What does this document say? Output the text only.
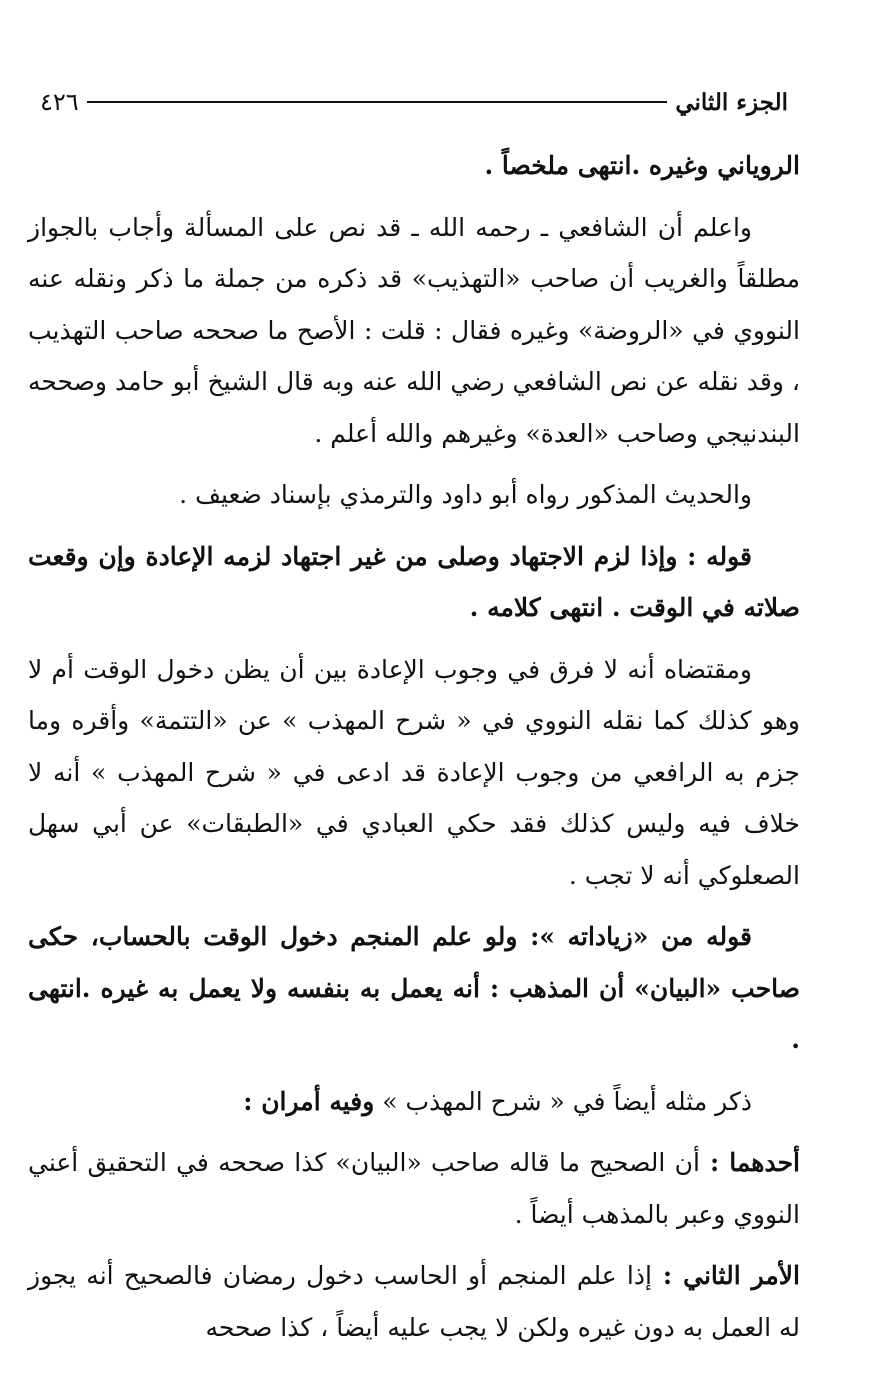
الجزء الثاني
٤٢٦

الروياني وغيره .انتهى ملخصاً .

واعلم أن الشافعي ـ رحمه الله ـ قد نص على المسألة وأجاب بالجواز مطلقاً والغريب أن صاحب «التهذيب» قد ذكره من جملة ما ذكر ونقله عنه النووي في «الروضة» وغيره فقال : قلت : الأصح ما صححه صاحب التهذيب ، وقد نقله عن نص الشافعي رضي الله عنه وبه قال الشيخ أبو حامد وصححه البندنيجي وصاحب «العدة» وغيرهم والله أعلم .

والحديث المذكور رواه أبو داود والترمذي بإسناد ضعيف .

قوله : وإذا لزم الاجتهاد وصلى من غير اجتهاد لزمه الإعادة وإن وقعت صلاته في الوقت . انتهى كلامه .

ومقتضاه أنه لا فرق في وجوب الإعادة بين أن يظن دخول الوقت أم لا وهو كذلك كما نقله النووي في « شرح المهذب » عن «التتمة» وأقره وما جزم به الرافعي من وجوب الإعادة قد ادعى في « شرح المهذب » أنه لا خلاف فيه وليس كذلك فقد حكي العبادي في «الطبقات» عن أبي سهل الصعلوكي أنه لا تجب .

قوله من «زياداته »: ولو علم المنجم دخول الوقت بالحساب، حكى صاحب «البيان» أن المذهب : أنه يعمل به بنفسه ولا يعمل به غيره .انتهى .

ذكر مثله أيضاً في « شرح المهذب » وفيه أمران :

أحدهما : أن الصحيح ما قاله صاحب «البيان» كذا صححه في التحقيق أعني النووي وعبر بالمذهب أيضاً .

الأمر الثاني : إذا علم المنجم أو الحاسب دخول رمضان فالصحيح أنه يجوز له العمل به دون غيره ولكن لا يجب عليه أيضاً ، كذا صححه
